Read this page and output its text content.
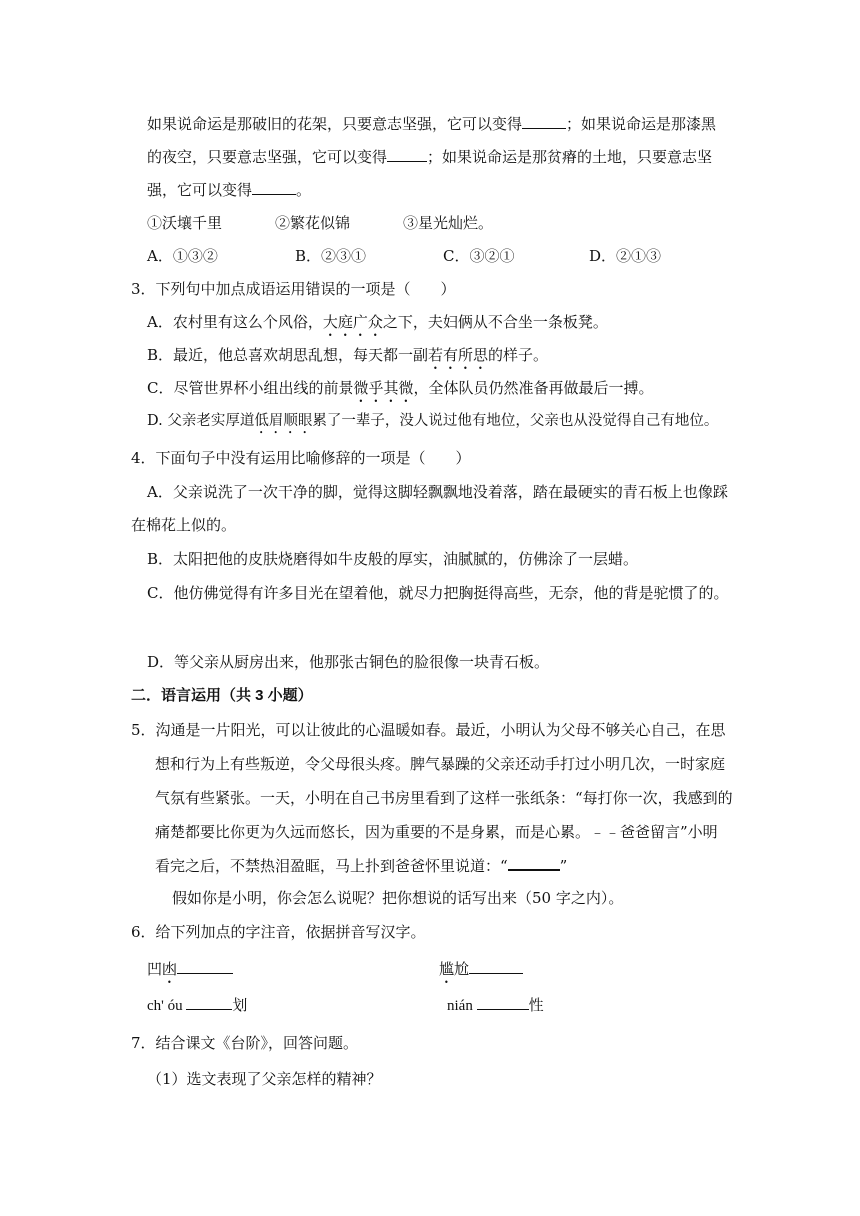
如果说命运是那破旧的花架，只要意志坚强，它可以变得	；如果说命运是那漆黑
的夜空，只要意志坚强，它可以变得	；如果说命运是那贫瘠的土地，只要意志坚
强，它可以变得	。
①沃壤千里	②繁花似锦	③星光灿烂。
A．①③②	B．②③①	C．③②①	D．②①③
3．下列句中加点成语运用错误的一项是（　　）
A．农村里有这么个风俗，大庭广众之下，夫妇俩从不合坐一条板凳。
B．最近，他总喜欢胡思乱想，每天都一副若有所思的样子。
C．尽管世界杯小组出线的前景微乎其微，全体队员仍然准备再做最后一搏。
D. 父亲老实厚道低眉顺眼累了一辈子，没人说过他有地位，父亲也从没觉得自己有地位。
4．下面句子中没有运用比喻修辞的一项是（　　）
A．父亲说洗了一次干净的脚，觉得这脚轻飘飘地没着落，踏在最硬实的青石板上也像踩
在棉花上似的。
B．太阳把他的皮肤烧磨得如牛皮般的厚实，油腻腻的，仿佛涂了一层蜡。
C．他仿佛觉得有许多目光在望着他，就尽力把胸挺得高些，无奈，他的背是驼惯了的。
D．等父亲从厨房出来，他那张古铜色的脸很像一块青石板。
二．语言运用（共 3 小题）
5．沟通是一片阳光，可以让彼此的心温暖如春。最近，小明认为父母不够关心自己，在思
想和行为上有些叛逆，令父母很头疼。脾气暴躁的父亲还动手打过小明几次，一时家庭
气氛有些紧张。一天，小明在自己书房里看到了这样一张纸条：“每打你一次，我感到的
痛楚都要比你更为久远而悠长，因为重要的不是身累，而是心累。﹣﹣爸爸留言”小明
看完之后，不禁热泪盈眶，马上扑到爸爸怀里说道：“	”
假如你是小明，你会怎么说呢？把你想说的话写出来（50 字之内）。
6．给下列加点的字注音，依据拼音写汉字。
凹凼	尴尬
ch' óu	划	nián	性
7．结合课文《台阶》，回答问题。
（1）选文表现了父亲怎样的精神？
